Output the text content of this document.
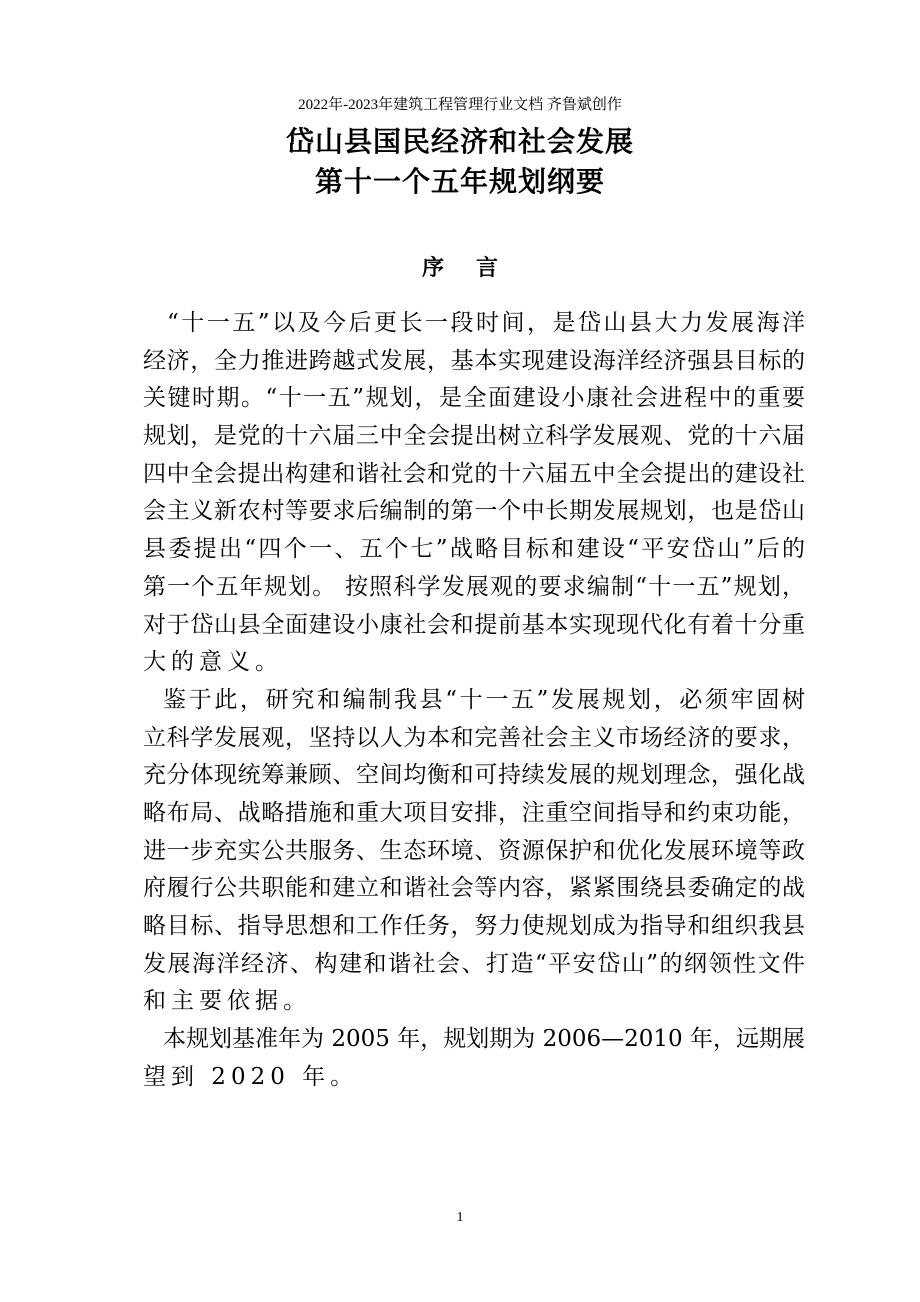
2022年-2023年建筑工程管理行业文档 齐鲁斌创作
岱山县国民经济和社会发展
第十一个五年规划纲要
序 言
“十一五”以及今后更长一段时间，是岱山县大力发展海洋
经济，全力推进跨越式发展，基本实现建设海洋经济强县目标的
关键时期。“十一五”规划，是全面建设小康社会进程中的重要
规划，是党的十六届三中全会提出树立科学发展观、党的十六届
四中全会提出构建和谐社会和党的十六届五中全会提出的建设社
会主义新农村等要求后编制的第一个中长期发展规划，也是岱山
县委提出“四个一、五个七”战略目标和建设“平安岱山”后的
第一个五年规划。 按照科学发展观的要求编制“十一五”规划，
对于岱山县全面建设小康社会和提前基本实现现代化有着十分重
大的意义。
鉴于此，研究和编制我县“十一五”发展规划，必须牢固树
立科学发展观，坚持以人为本和完善社会主义市场经济的要求，
充分体现统筹兼顾、空间均衡和可持续发展的规划理念，强化战
略布局、战略措施和重大项目安排，注重空间指导和约束功能，
进一步充实公共服务、生态环境、资源保护和优化发展环境等政
府履行公共职能和建立和谐社会等内容，紧紧围绕县委确定的战
略目标、指导思想和工作任务，努力使规划成为指导和组织我县
发展海洋经济、构建和谐社会、打造“平安岱山”的纲领性文件
和主要依据。
本规划基准年为 2005 年，规划期为 2006—2010 年，远期展
望到 2020 年。
1
